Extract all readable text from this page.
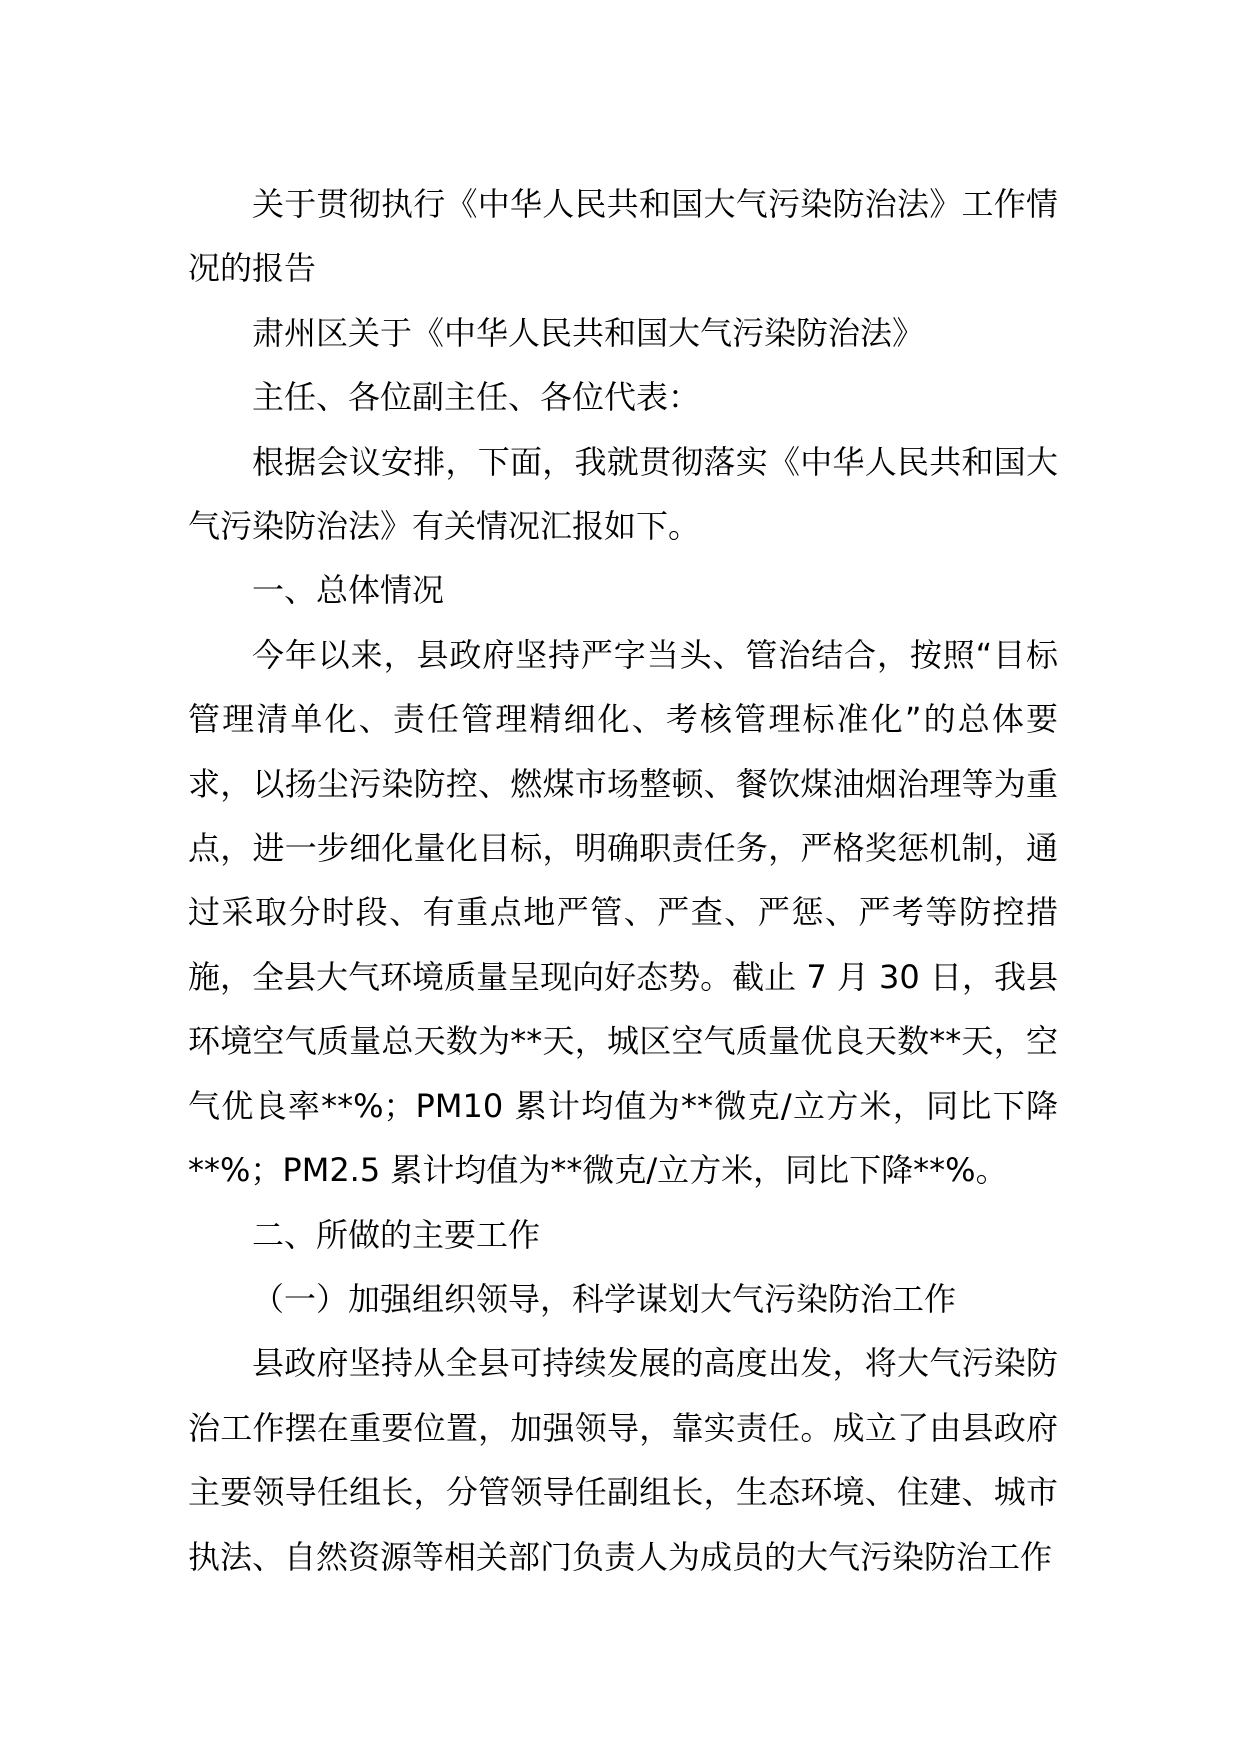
关于贯彻执行《中华人民共和国大气污染防治法》工作情况的报告

肃州区关于《中华人民共和国大气污染防治法》

主任、各位副主任、各位代表：

根据会议安排，下面，我就贯彻落实《中华人民共和国大气污染防治法》有关情况汇报如下。

一、总体情况

今年以来，县政府坚持严字当头、管治结合，按照“目标管理清单化、责任管理精细化、考核管理标准化”的总体要求，以扬尘污染防控、燃煤市场整顿、餐饮煤油烟治理等为重点，进一步细化量化目标，明确职责任务，严格奖惩机制，通过采取分时段、有重点地严管、严查、严惩、严考等防控措施，全县大气环境质量呈现向好态势。截止 7 月 30 日，我县环境空气质量总天数为**天，城区空气质量优良天数**天，空气优良率**%；PM10 累计均值为**微克/立方米，同比下降**%；PM2.5 累计均值为**微克/立方米，同比下降**%。

二、所做的主要工作

（一）加强组织领导，科学谋划大气污染防治工作

县政府坚持从全县可持续发展的高度出发，将大气污染防治工作摆在重要位置，加强领导，靠实责任。成立了由县政府主要领导任组长，分管领导任副组长，生态环境、住建、城市执法、自然资源等相关部门负责人为成员的大气污染防治工作
